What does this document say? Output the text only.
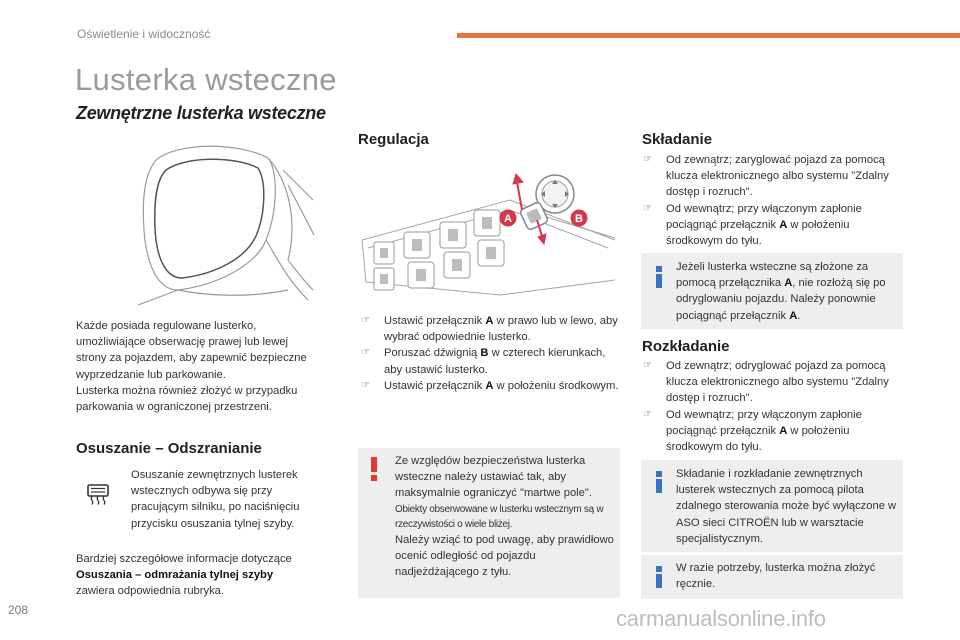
Oświetlenie i widoczność
Lusterka wsteczne
Zewnętrzne lusterka wsteczne
Każde posiada regulowane lusterko,
umożliwiające obserwację prawej lub lewej
strony za pojazdem, aby zapewnić bezpieczne
wyprzedzanie lub parkowanie.
Lusterka można również złożyć w przypadku
parkowania w ograniczonej przestrzeni.
Osuszanie – Odszranianie
Osuszanie zewnętrznych lusterek
wstecznych odbywa się przy
pracującym silniku, po naciśnięciu
przycisku osuszania tylnej szyby.
Bardziej szczegółowe informacje dotyczące
Osuszania – odmrażania tylnej szyby
zawiera odpowiednia rubryka.
Regulacja
A	B
☞ Ustawić przełącznik A w prawo lub w lewo, aby wybrać odpowiednie lusterko.
☞ Poruszać dźwignią B w czterech kierunkach, aby ustawić lusterko.
☞ Ustawić przełącznik A w położeniu środkowym.
Ze względów bezpieczeństwa lusterka wsteczne należy ustawiać tak, aby maksymalnie ograniczyć "martwe pole".
Obiekty obserwowane w lusterku wstecznym są w rzeczywistości o wiele bliżej.
Należy wziąć to pod uwagę, aby prawidłowo ocenić odległość od pojazdu nadjeżdżającego z tyłu.
Składanie
☞ Od zewnątrz; zaryglować pojazd za pomocą klucza elektronicznego albo systemu "Zdalny dostęp i rozruch".
☞ Od wewnątrz; przy włączonym zapłonie pociągnąć przełącznik A w położeniu środkowym do tyłu.
Jeżeli lusterka wsteczne są złożone za pomocą przełącznika A, nie rozłożą się po odryglowaniu pojazdu. Należy ponownie pociągnąć przełącznik A.
Rozkładanie
☞ Od zewnątrz; odryglować pojazd za pomocą klucza elektronicznego albo systemu "Zdalny dostęp i rozruch".
☞ Od wewnątrz; przy włączonym zapłonie pociągnąć przełącznik A w położeniu środkowym do tyłu.
Składanie i rozkładanie zewnętrznych lusterek wstecznych za pomocą pilota zdalnego sterowania może być wyłączone w ASO sieci CITROËN lub w warsztacie specjalistycznym.
W razie potrzeby, lusterka można złożyć ręcznie.
208	carmanualsonline.info
